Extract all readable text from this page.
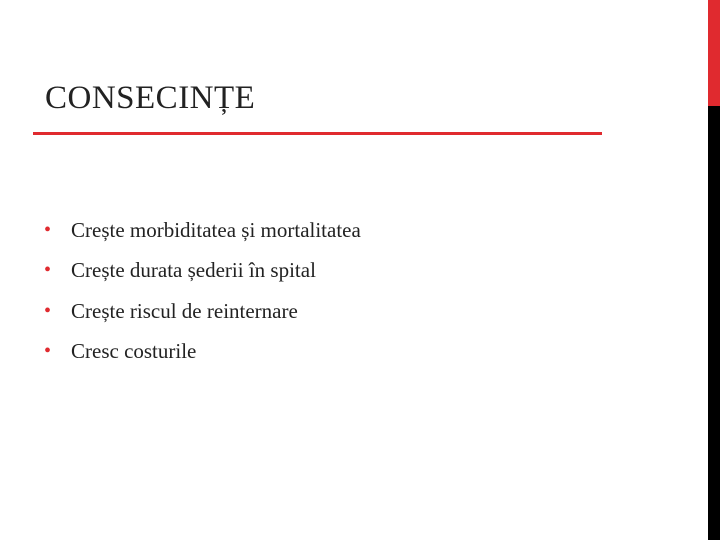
CONSECINȚE
• Crește morbiditatea și mortalitatea
• Crește durata șederii în spital
• Crește riscul de reinternare
• Cresc costurile
